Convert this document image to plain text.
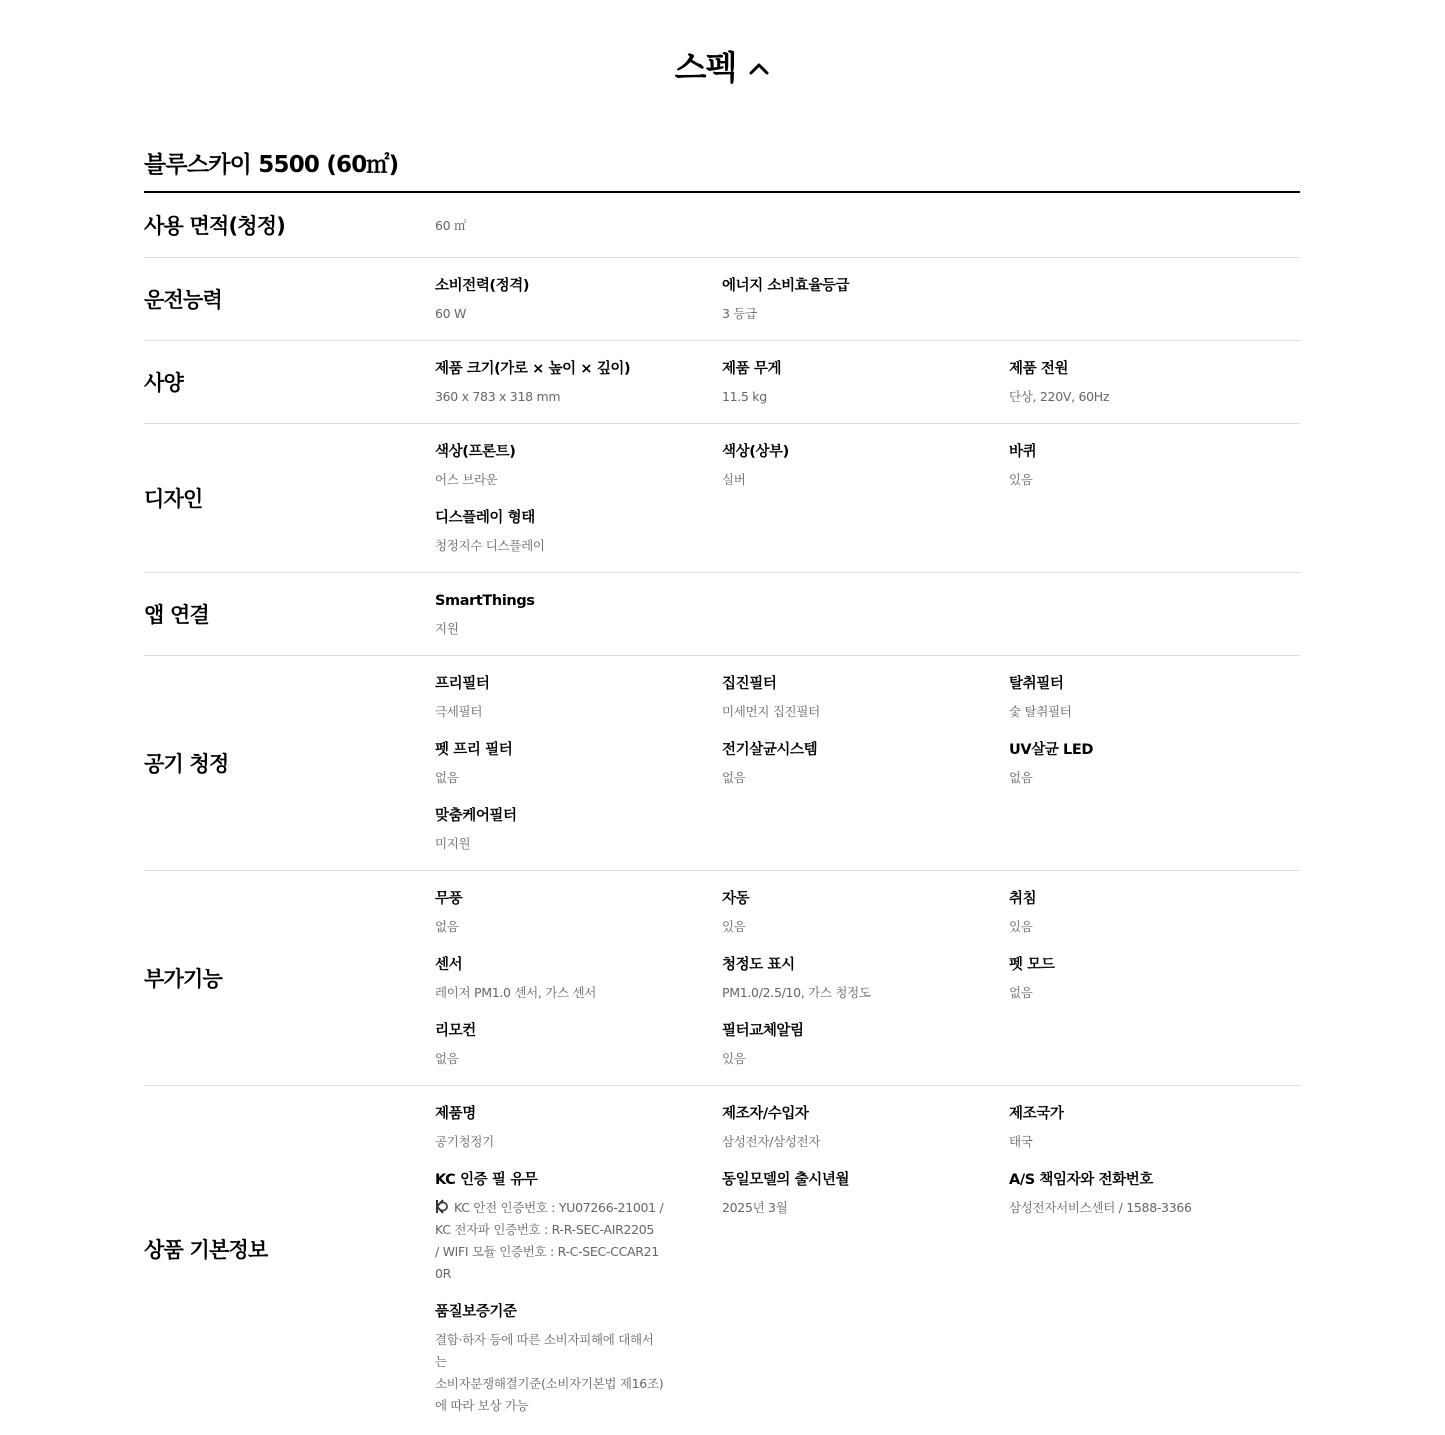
스펙
블루스카이 5500 (60㎡)
사용 면적(청정)	60 ㎡
운전능력
소비전력(정격)
60 W
에너지 소비효율등급
3 등급
사양
제품 크기(가로 × 높이 × 깊이)
360 x 783 x 318 mm
제품 무게
11.5 kg
제품 전원
단상, 220V, 60Hz
디자인
색상(프론트)
어스 브라운
색상(상부)
실버
바퀴
있음
디스플레이 형태
청정지수 디스플레이
앱 연결
SmartThings
지원
공기 청정
프리필터
극세필터
집진필터
미세먼지 집진필터
탈취필터
숯 탈취필터
펫 프리 필터
없음
전기살균시스템
없음
UV살균 LED
없음
맞춤케어필터
미지원
부가기능
무풍
없음
자동
있음
취침
있음
센서
레이저 PM1.0 센서, 가스 센서
청정도 표시
PM1.0/2.5/10, 가스 청정도
펫 모드
없음
리모컨
없음
필터교체알림
있음
상품 기본정보
제품명
공기청정기
제조자/수입자
삼성전자/삼성전자
제조국가
태국
KC 인증 필 유무
KC 안전 인증번호 : YU07266-21001 /
KC 전자파 인증번호 : R-R-SEC-AIR2205
/ WIFI 모듈 인증번호 : R-C-SEC-CCAR21
0R
동일모델의 출시년월
2025년 3월
A/S 책임자와 전화번호
삼성전자서비스센터 / 1588-3366
품질보증기준
결함·하자 등에 따른 소비자피해에 대해서는
소비자분쟁해결기준(소비자기본법 제16조)
에 따라 보상 가능
